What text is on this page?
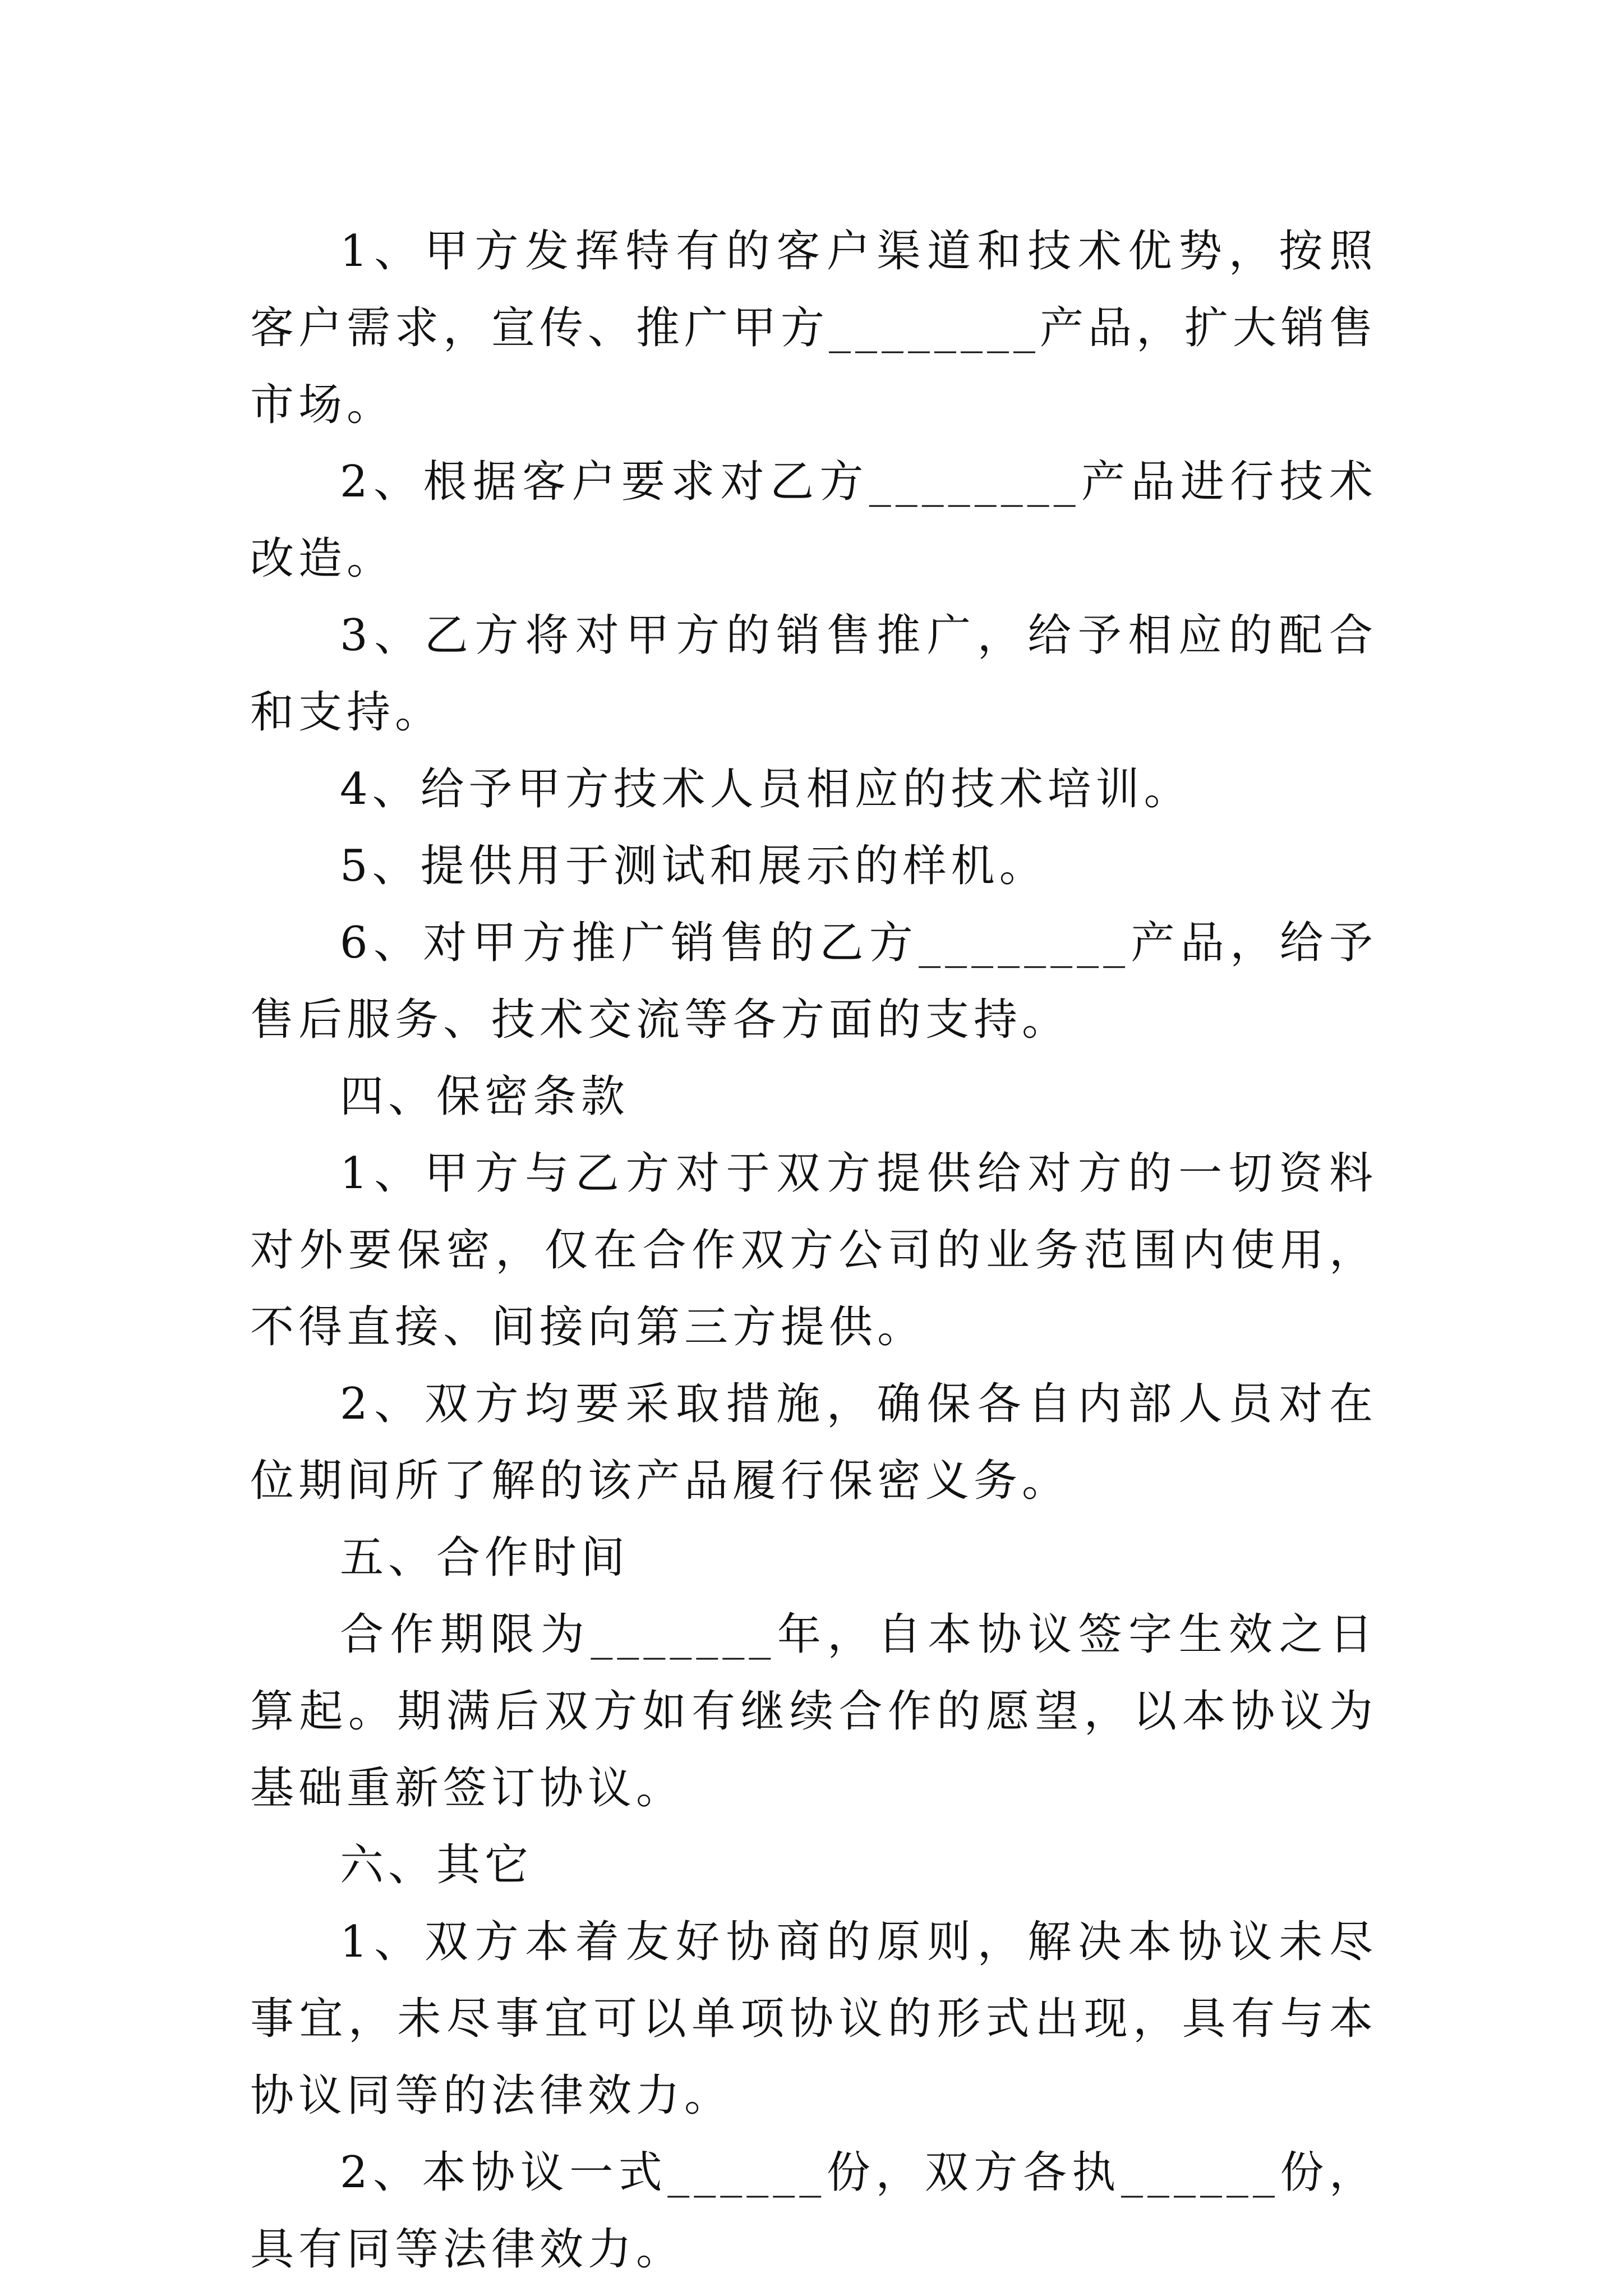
1、甲方发挥特有的客户渠道和技术优势，按照客户需求，宣传、推广甲方________产品，扩大销售市场。

2、根据客户要求对乙方________产品进行技术改造。

3、乙方将对甲方的销售推广，给予相应的配合和支持。

4、给予甲方技术人员相应的技术培训。

5、提供用于测试和展示的样机。

6、对甲方推广销售的乙方________产品，给予售后服务、技术交流等各方面的支持。

四、保密条款

1、甲方与乙方对于双方提供给对方的一切资料对外要保密，仅在合作双方公司的业务范围内使用，不得直接、间接向第三方提供。

2、双方均要采取措施，确保各自内部人员对在位期间所了解的该产品履行保密义务。

五、合作时间

合作期限为_______年，自本协议签字生效之日算起。期满后双方如有继续合作的愿望，以本协议为基础重新签订协议。

六、其它

1、双方本着友好协商的原则，解决本协议未尽事宜，未尽事宜可以单项协议的形式出现，具有与本协议同等的法律效力。

2、本协议一式______份，双方各执______份，具有同等法律效力。
